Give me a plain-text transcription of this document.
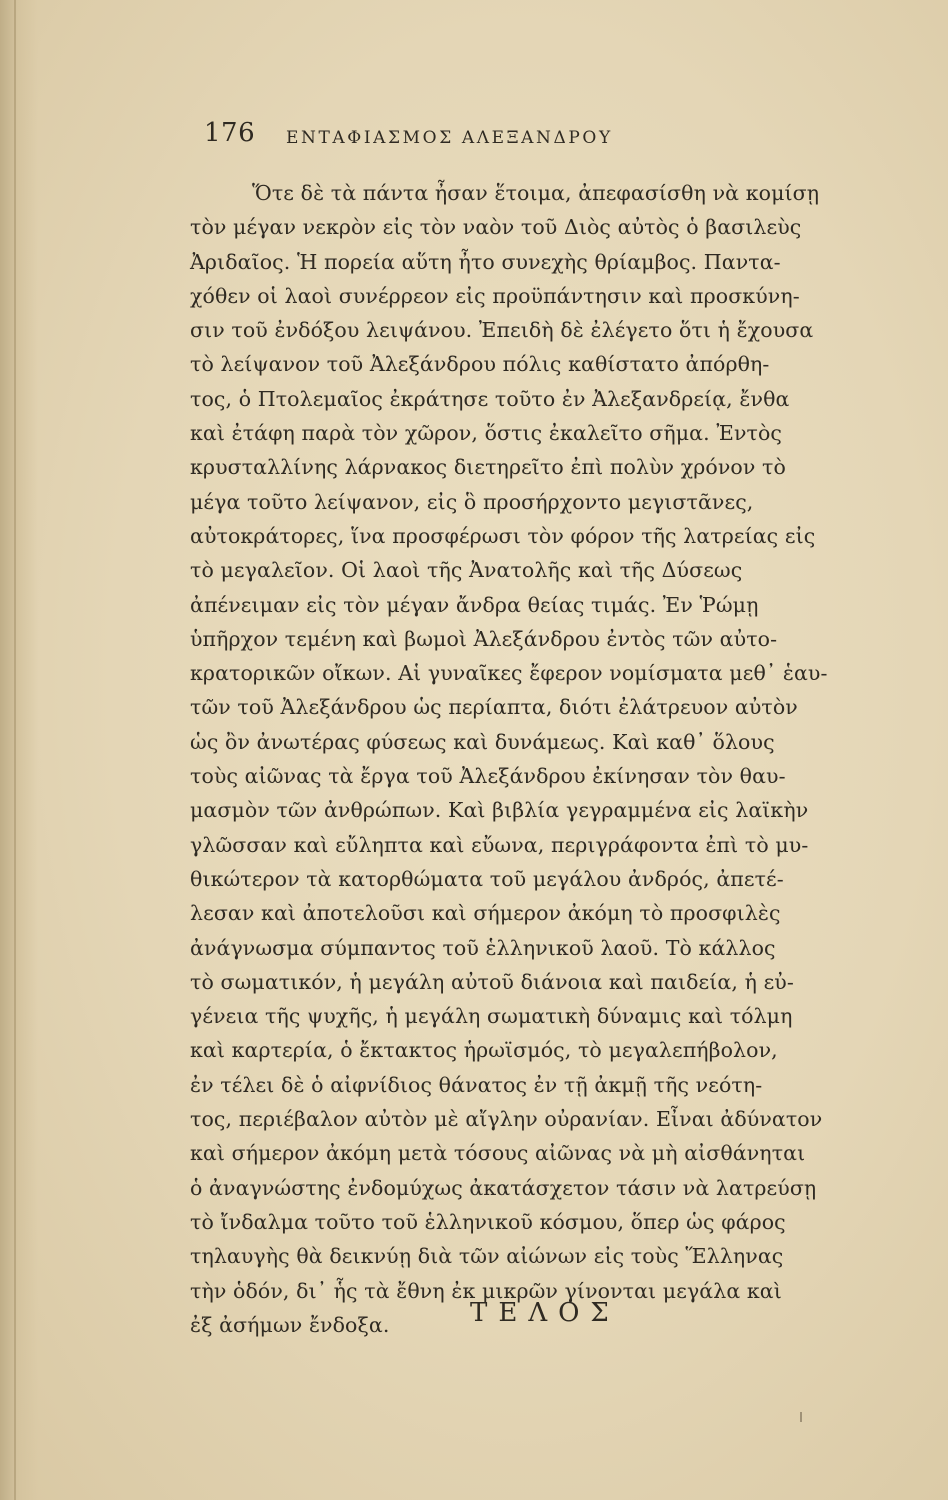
176 ΕΝΤΑΦΙΑΣΜΟΣ ΑΛΕΞΑΝΔΡΟΥ
Ὅτε δὲ τὰ πάντα ἦσαν ἕτοιμα, ἀπεφασίσθη νὰ κομίσῃ
τὸν μέγαν νεκρὸν εἰς τὸν ναὸν τοῦ Διὸς αὐτὸς ὁ βασιλεὺς
Ἀριδαῖος. Ἡ πορεία αὕτη ἦτο συνεχὴς θρίαμβος. Παντα-
χόθεν οἱ λαοὶ συνέρρεον εἰς προϋπάντησιν καὶ προσκύνη-
σιν τοῦ ἐνδόξου λειψάνου. Ἐπειδὴ δὲ ἐλέγετο ὅτι ἡ ἔχουσα
τὸ λείψανον τοῦ Ἀλεξάνδρου πόλις καθίστατο ἀπόρθη-
τος, ὁ Πτολεμαῖος ἐκράτησε τοῦτο ἐν Ἀλεξανδρείᾳ, ἔνθα
καὶ ἐτάφη παρὰ τὸν χῶρον, ὅστις ἐκαλεῖτο σῆμα. Ἐντὸς
κρυσταλλίνης λάρνακος διετηρεῖτο ἐπὶ πολὺν χρόνον τὸ
μέγα τοῦτο λείψανον, εἰς ὃ προσήρχοντο μεγιστᾶνες,
αὐτοκράτορες, ἵνα προσφέρωσι τὸν φόρον τῆς λατρείας εἰς
τὸ μεγαλεῖον. Οἱ λαοὶ τῆς Ἀνατολῆς καὶ τῆς Δύσεως
ἀπένειμαν εἰς τὸν μέγαν ἄνδρα θείας τιμάς. Ἐν Ῥώμῃ
ὑπῆρχον τεμένη καὶ βωμοὶ Ἀλεξάνδρου ἐντὸς τῶν αὐτο-
κρατορικῶν οἴκων. Αἱ γυναῖκες ἔφερον νομίσματα μεθ᾽ ἑαυ-
τῶν τοῦ Ἀλεξάνδρου ὡς περίαπτα, διότι ἐλάτρευον αὐτὸν
ὡς ὂν ἀνωτέρας φύσεως καὶ δυνάμεως. Καὶ καθ᾽ ὅλους
τοὺς αἰῶνας τὰ ἔργα τοῦ Ἀλεξάνδρου ἐκίνησαν τὸν θαυ-
μασμὸν τῶν ἀνθρώπων. Καὶ βιβλία γεγραμμένα εἰς λαϊκὴν
γλῶσσαν καὶ εὔληπτα καὶ εὔωνα, περιγράφοντα ἐπὶ τὸ μυ-
θικώτερον τὰ κατορθώματα τοῦ μεγάλου ἀνδρός, ἀπετέ-
λεσαν καὶ ἀποτελοῦσι καὶ σήμερον ἀκόμη τὸ προσφιλὲς
ἀνάγνωσμα σύμπαντος τοῦ ἑλληνικοῦ λαοῦ. Τὸ κάλλος
τὸ σωματικόν, ἡ μεγάλη αὐτοῦ διάνοια καὶ παιδεία, ἡ εὐ-
γένεια τῆς ψυχῆς, ἡ μεγάλη σωματικὴ δύναμις καὶ τόλμη
καὶ καρτερία, ὁ ἔκτακτος ἡρωϊσμός, τὸ μεγαλεπήβολον,
ἐν τέλει δὲ ὁ αἰφνίδιος θάνατος ἐν τῇ ἀκμῇ τῆς νεότη-
τος, περιέβαλον αὐτὸν μὲ αἴγλην οὐρανίαν. Εἶναι ἀδύνατον
καὶ σήμερον ἀκόμη μετὰ τόσους αἰῶνας νὰ μὴ αἰσθάνηται
ὁ ἀναγνώστης ἐνδομύχως ἀκατάσχετον τάσιν νὰ λατρεύσῃ
τὸ ἴνδαλμα τοῦτο τοῦ ἑλληνικοῦ κόσμου, ὅπερ ὡς φάρος
τηλαυγὴς θὰ δεικνύῃ διὰ τῶν αἰώνων εἰς τοὺς Ἕλληνας
τὴν ὁδόν, δι᾽ ἧς τὰ ἔθνη ἐκ μικρῶν γίνονται μεγάλα καὶ
ἐξ ἀσήμων ἔνδοξα.	ΤΕΛΟΣ
